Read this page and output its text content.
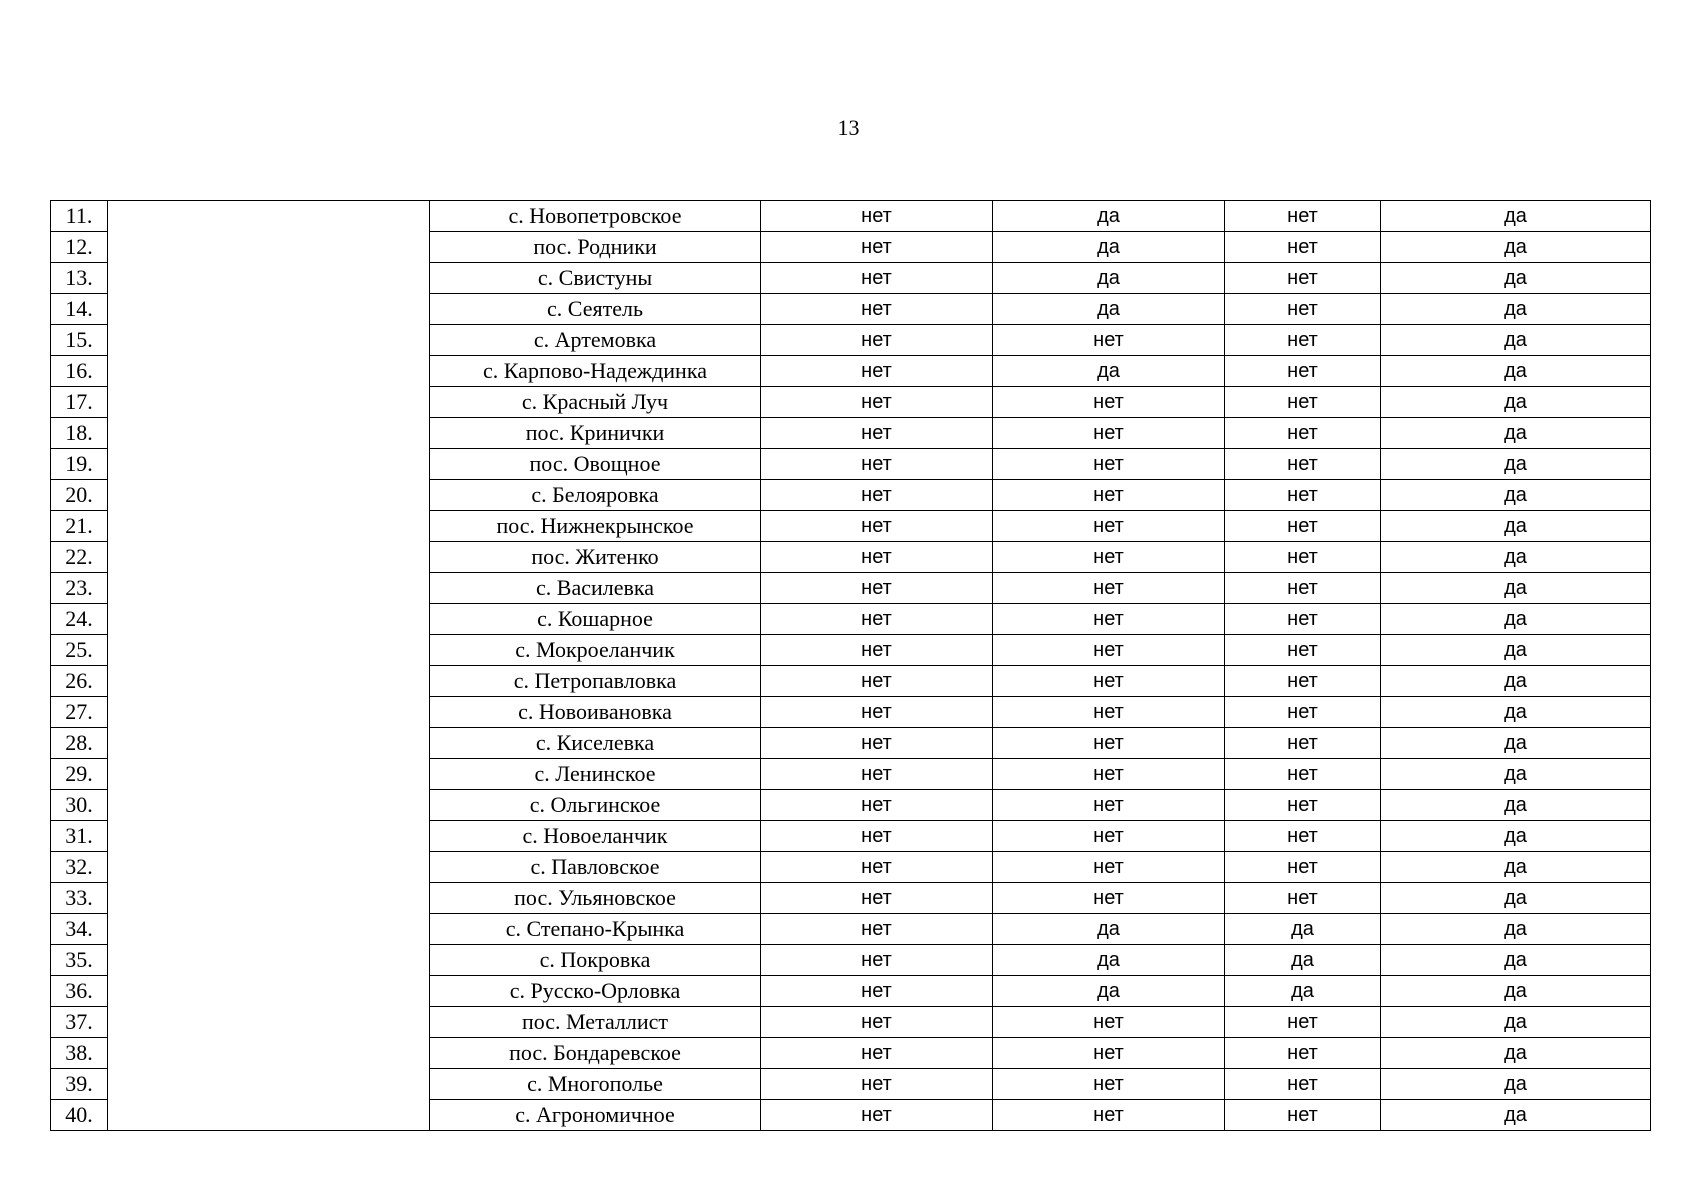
13
11.		с. Новопетровское	нет	да	нет	да
12.		пос. Родники	нет	да	нет	да
13.		с. Свистуны	нет	да	нет	да
14.		с. Сеятель	нет	да	нет	да
15.		с. Артемовка	нет	нет	нет	да
16.		с. Карпово-Надеждинка	нет	да	нет	да
17.		с. Красный Луч	нет	нет	нет	да
18.		пос. Кринички	нет	нет	нет	да
19.		пос. Овощное	нет	нет	нет	да
20.		с. Белояровка	нет	нет	нет	да
21.		пос. Нижнекрынское	нет	нет	нет	да
22.		пос. Житенко	нет	нет	нет	да
23.		с. Василевка	нет	нет	нет	да
24.		с. Кошарное	нет	нет	нет	да
25.		с. Мокроеланчик	нет	нет	нет	да
26.		с. Петропавловка	нет	нет	нет	да
27.		с. Новоивановка	нет	нет	нет	да
28.		с. Киселевка	нет	нет	нет	да
29.		с. Ленинское	нет	нет	нет	да
30.		с. Ольгинское	нет	нет	нет	да
31.		с. Новоеланчик	нет	нет	нет	да
32.		с. Павловское	нет	нет	нет	да
33.		пос. Ульяновское	нет	нет	нет	да
34.		с. Степано-Крынка	нет	да	да	да
35.		с. Покровка	нет	да	да	да
36.		с. Русско-Орловка	нет	да	да	да
37.		пос. Металлист	нет	нет	нет	да
38.		пос. Бондаревское	нет	нет	нет	да
39.		с. Многополье	нет	нет	нет	да
40.		с. Агрономичное	нет	нет	нет	да
